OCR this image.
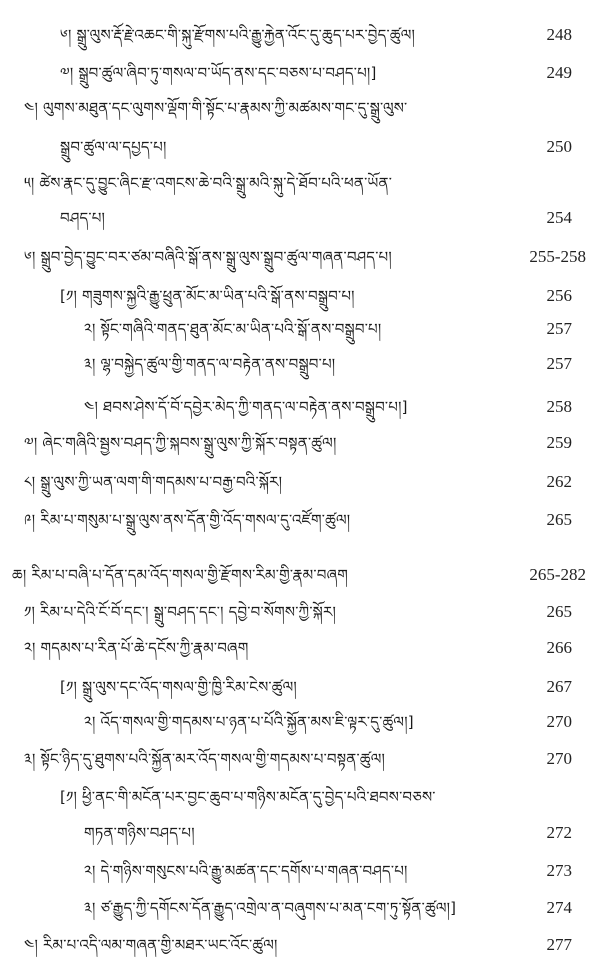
༦། སྒྲུ་ལུས་རྡོ་རྗེ་འཆང་གི་སྐུ་རྫོགས་པའི་རྒྱུ་རྐྱེན་འོང་དུ་ཆུད་པར་བྱེད་ཚུལ།	248
༧། སྒྲུབ་ཚུལ་ཞིབ་ཏུ་གསལ་བ་ཡོད་ནས་དང་བཅས་པ་བཤད་པ།]	249
༤། ལུགས་མཐུན་དང་ལུགས་ལྡོག་གི་སྟོང་པ་རྣམས་ཀྱི་མཚམས་གང་དུ་སྒྲུ་ལུས་
སྒྲུབ་ཚུལ་ལ་དཔྱད་པ།	250
༥། ཚེས་རྣང་དུ་བྱུང་ཞིང་རྫ་འགངས་ཆེ་བའི་སྒྲུ་མའི་སྐུ་དེ་ཐོབ་པའི་ཕན་ཡོན་
བཤད་པ།	254
༦། སྒྲུབ་བྱེད་བྱུང་བར་ཙམ་བཞིའི་སྒོ་ནས་སྒྲུ་ལུས་སྒྲུབ་ཚུལ་གཞན་བཤད་པ།	255-258
[༡། གཟུགས་སྐྱའི་རྒྱུ་ཕྲུན་མོང་མ་ཡིན་པའི་སྒོ་ནས་བསྒྲུབ་པ།	256
༢། སྟོང་གཞིའི་གནད་ཐུན་མོང་མ་ཡིན་པའི་སྒོ་ནས་བསྒྲུབ་པ།	257
༣། ལྷ་བསྐྱེད་ཚུལ་གྱི་གནད་ལ་བརྟེན་ནས་བསྒྲུབ་པ།	257
༤། ཐབས་ཤེས་དོ་བོ་དབྱེར་མེད་ཀྱི་གནད་ལ་བརྟེན་ནས་བསྒྲུབ་པ།]	258
༧། ཞེང་གཞིའི་སྦྱས་བཤད་ཀྱི་སྐབས་སྒྲུ་ལུས་ཀྱི་སྐོར་བསྟན་ཚུལ།	259
༨། སྒྲུ་ལུས་ཀྱི་ཡན་ལག་གི་གདམས་པ་བརྒྱ་བའི་སྐོར།	262
༩། རིམ་པ་གསུམ་པ་སྒྲུ་ལུས་ནས་དོན་གྱི་འོད་གསལ་དུ་འཛོག་ཚུལ།	265
ཆ། རིམ་པ་བཞི་པ་དོན་དམ་འོད་གསལ་གྱི་རྫོགས་རིམ་གྱི་རྣམ་བཞག	265-282
༡། རིམ་པ་དེའི་ངོ་བོ་དང་། སྒྲུ་བཤད་དང་། དབྱེ་བ་སོགས་ཀྱི་སྐོར།	265
༢། གདམས་པ་རིན་པོ་ཆེ་དངོས་ཀྱི་རྣམ་བཞག	266
[༡། སྒྲུ་ལུས་དང་འོད་གསལ་གྱི་ཁྱི་རིམ་ངེས་ཚུལ།	267
༢། འོད་གསལ་གྱི་གདམས་པ་ཉན་པ་པོའི་སྐྱོན་མས་ཇི་ལྟར་དུ་ཚུལ།]	270
༣། སྟོང་ཉིད་དུ་ཐུགས་པའི་སྐྱོན་མར་འོད་གསལ་གྱི་གདམས་པ་བསྟན་ཚུལ།	270
[༡། ཕྱི་ནང་གི་མངོན་པར་བྱང་ཆུབ་པ་གཉིས་མངོན་དུ་བྱེད་པའི་ཐབས་བཅས་
གཏན་གཉིས་བཤད་པ།	272
༢། དེ་གཉིས་གསུངས་པའི་རྒྱུ་མཚན་དང་དགོས་པ་གཞན་བཤད་པ།	273
༣། ཙ་རྒྱུད་ཀྱི་དགོངས་དོན་རྒྱུད་འགྲེལ་ན་བཞུགས་པ་མན་ངག་ཏུ་སྟོན་ཚུལ།]	274
༤། རིམ་པ་འདི་ལམ་གཞན་གྱི་མཐར་ཡང་འོང་ཚུལ།	277
